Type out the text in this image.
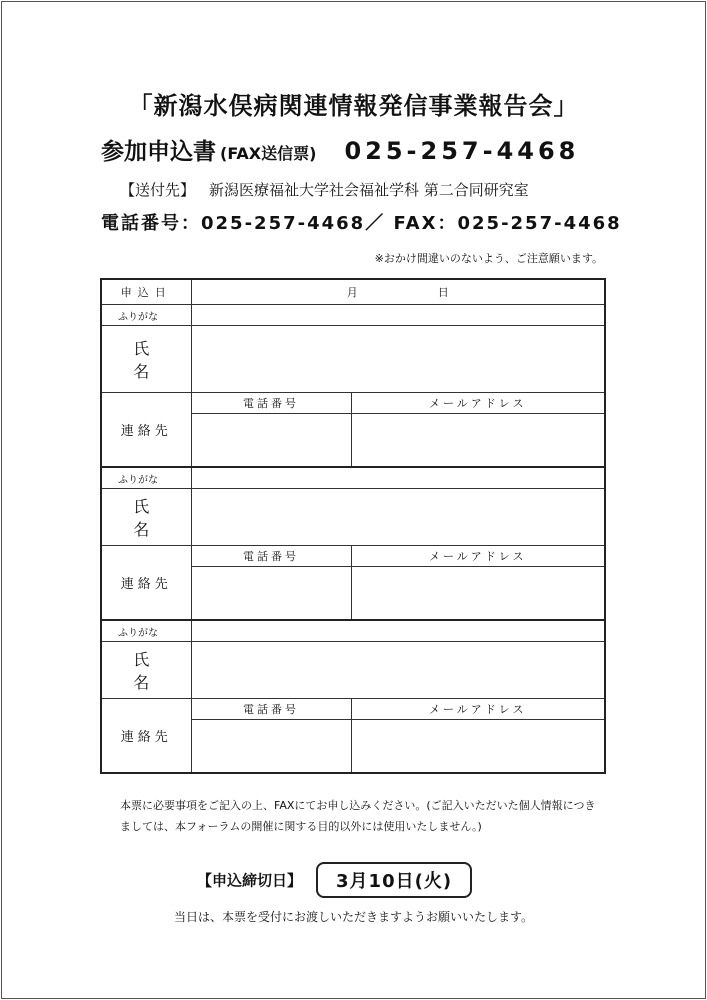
「新潟水俣病関連情報発信事業報告会」
参加申込書 (FAX送信票) 025-257-4468
【送付先】 新潟医療福祉大学社会福祉学科 第二合同研究室
電話番号：025-257-4468／ FAX：025-257-4468
※おかけ間違いのないよう、ご注意願います。
申込日	月 日	
ふりがな		
氏 名		
連絡先	電話番号	メールアドレス

ふりがな		
氏 名		
連絡先	電話番号	メールアドレス

ふりがな		
氏 名		
連絡先	電話番号	メールアドレス

本票に必要事項をご記入の上、FAXにてお申し込みください。(ご記入いただいた個人情報につきましては、本フォーラムの開催に関する目的以外には使用いたしません。)
【申込締切日】 3月10日(火)
当日は、本票を受付にお渡しいただきますようお願いいたします。
